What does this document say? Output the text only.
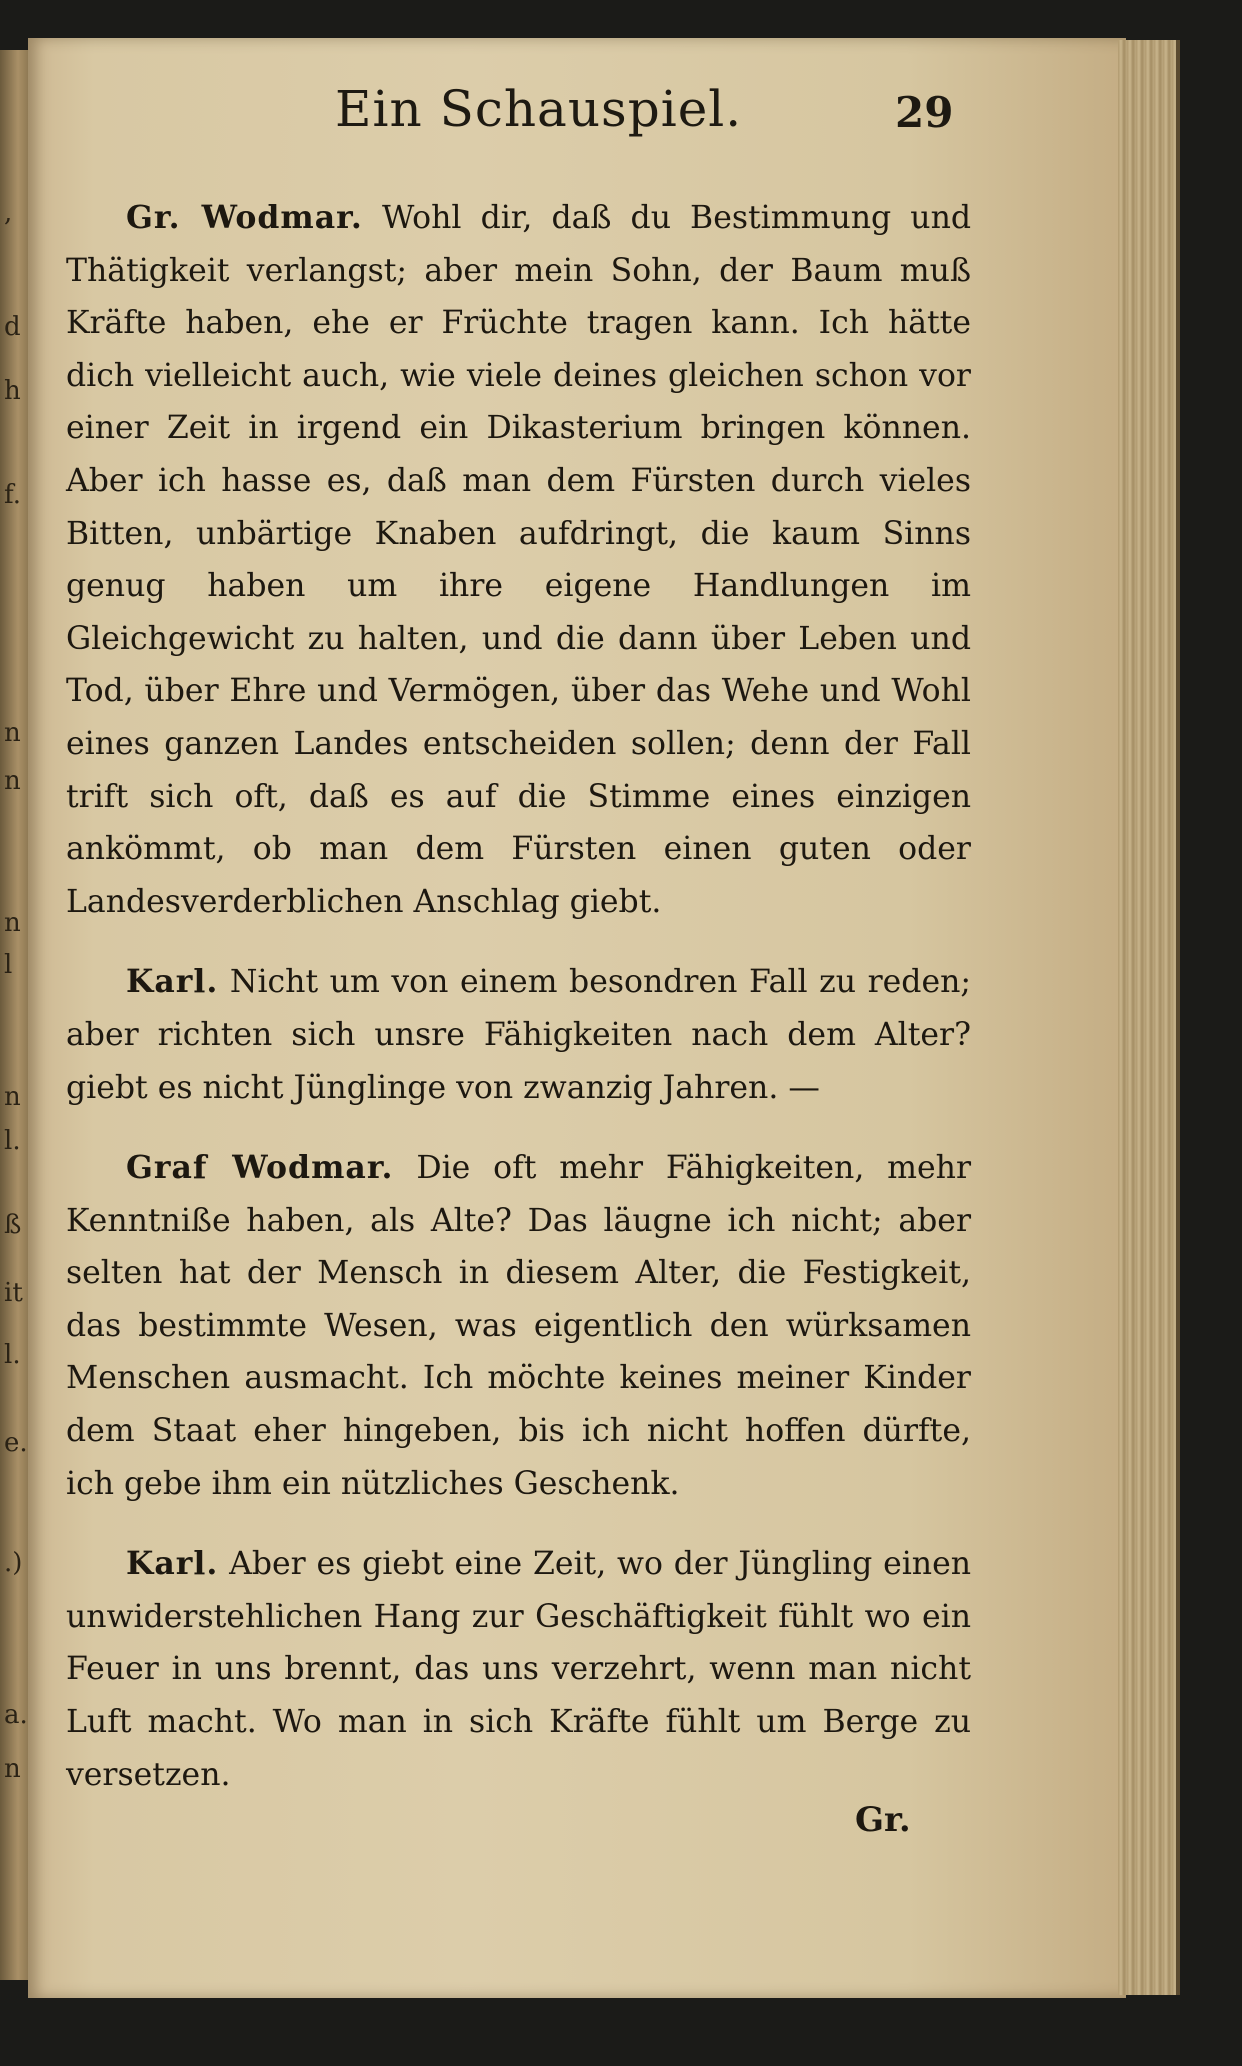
,
d
h
f.
n
n
n
l
n
l.
ß
it
l.
e.
.)
a.
n
Ein Schauspiel.	29

Gr. Wodmar. Wohl dir, daß du Bestimmung und Thätigkeit verlangst; aber mein Sohn, der Baum muß Kräfte haben, ehe er Früchte tragen kann. Ich hätte dich vielleicht auch, wie viele deines gleichen schon vor einer Zeit in irgend ein Dikasterium bringen können. Aber ich hasse es, daß man dem Fürsten durch vieles Bitten, unbärtige Knaben aufdringt, die kaum Sinns genug haben um ihre eigene Handlungen im Gleichgewicht zu halten, und die dann über Leben und Tod, über Ehre und Vermögen, über das Wehe und Wohl eines ganzen Landes entscheiden sollen; denn der Fall trift sich oft, daß es auf die Stimme eines einzigen ankömmt, ob man dem Fürsten einen guten oder Landesverderblichen Anschlag giebt.

Karl. Nicht um von einem besondren Fall zu reden; aber richten sich unsre Fähigkeiten nach dem Alter? giebt es nicht Jünglinge von zwanzig Jahren. —

Graf Wodmar. Die oft mehr Fähigkeiten, mehr Kenntniße haben, als Alte? Das läugne ich nicht; aber selten hat der Mensch in diesem Alter, die Festigkeit, das bestimmte Wesen, was eigentlich den würksamen Menschen ausmacht. Ich möchte keines meiner Kinder dem Staat eher hingeben, bis ich nicht hoffen dürfte, ich gebe ihm ein nützliches Geschenk.

Karl. Aber es giebt eine Zeit, wo der Jüngling einen unwiderstehlichen Hang zur Geschäftigkeit fühlt wo ein Feuer in uns brennt, das uns verzehrt, wenn man nicht Luft macht. Wo man in sich Kräfte fühlt um Berge zu versetzen.

Gr.
